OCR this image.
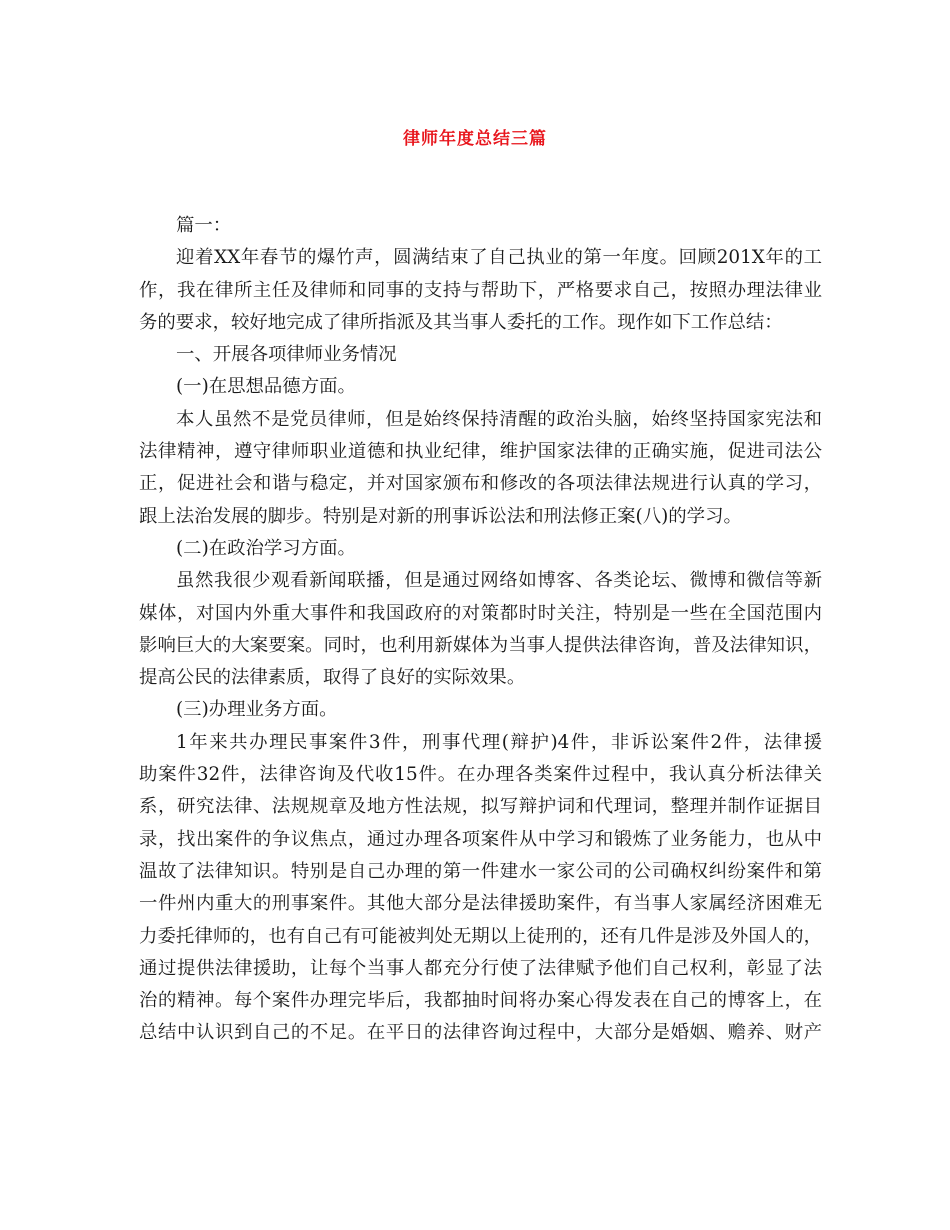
律师年度总结三篇
篇一：
迎着XX年春节的爆竹声，圆满结束了自己执业的第一年度。回顾201X年的工
作，我在律所主任及律师和同事的支持与帮助下，严格要求自己，按照办理法律业
务的要求，较好地完成了律所指派及其当事人委托的工作。现作如下工作总结：
一、开展各项律师业务情况
(一)在思想品德方面。
本人虽然不是党员律师，但是始终保持清醒的政治头脑，始终坚持国家宪法和
法律精神，遵守律师职业道德和执业纪律，维护国家法律的正确实施，促进司法公
正，促进社会和谐与稳定，并对国家颁布和修改的各项法律法规进行认真的学习，
跟上法治发展的脚步。特别是对新的刑事诉讼法和刑法修正案(八)的学习。
(二)在政治学习方面。
虽然我很少观看新闻联播，但是通过网络如博客、各类论坛、微博和微信等新
媒体，对国内外重大事件和我国政府的对策都时时关注，特别是一些在全国范围内
影响巨大的大案要案。同时，也利用新媒体为当事人提供法律咨询，普及法律知识，
提高公民的法律素质，取得了良好的实际效果。
(三)办理业务方面。
1年来共办理民事案件3件，刑事代理(辩护)4件，非诉讼案件2件，法律援
助案件32件，法律咨询及代收15件。在办理各类案件过程中，我认真分析法律关
系，研究法律、法规规章及地方性法规，拟写辩护词和代理词，整理并制作证据目
录，找出案件的争议焦点，通过办理各项案件从中学习和锻炼了业务能力，也从中
温故了法律知识。特别是自己办理的第一件建水一家公司的公司确权纠纷案件和第
一件州内重大的刑事案件。其他大部分是法律援助案件，有当事人家属经济困难无
力委托律师的，也有自己有可能被判处无期以上徒刑的，还有几件是涉及外国人的，
通过提供法律援助，让每个当事人都充分行使了法律赋予他们自己权利，彰显了法
治的精神。每个案件办理完毕后，我都抽时间将办案心得发表在自己的博客上，在
总结中认识到自己的不足。在平日的法律咨询过程中，大部分是婚姻、赡养、财产
